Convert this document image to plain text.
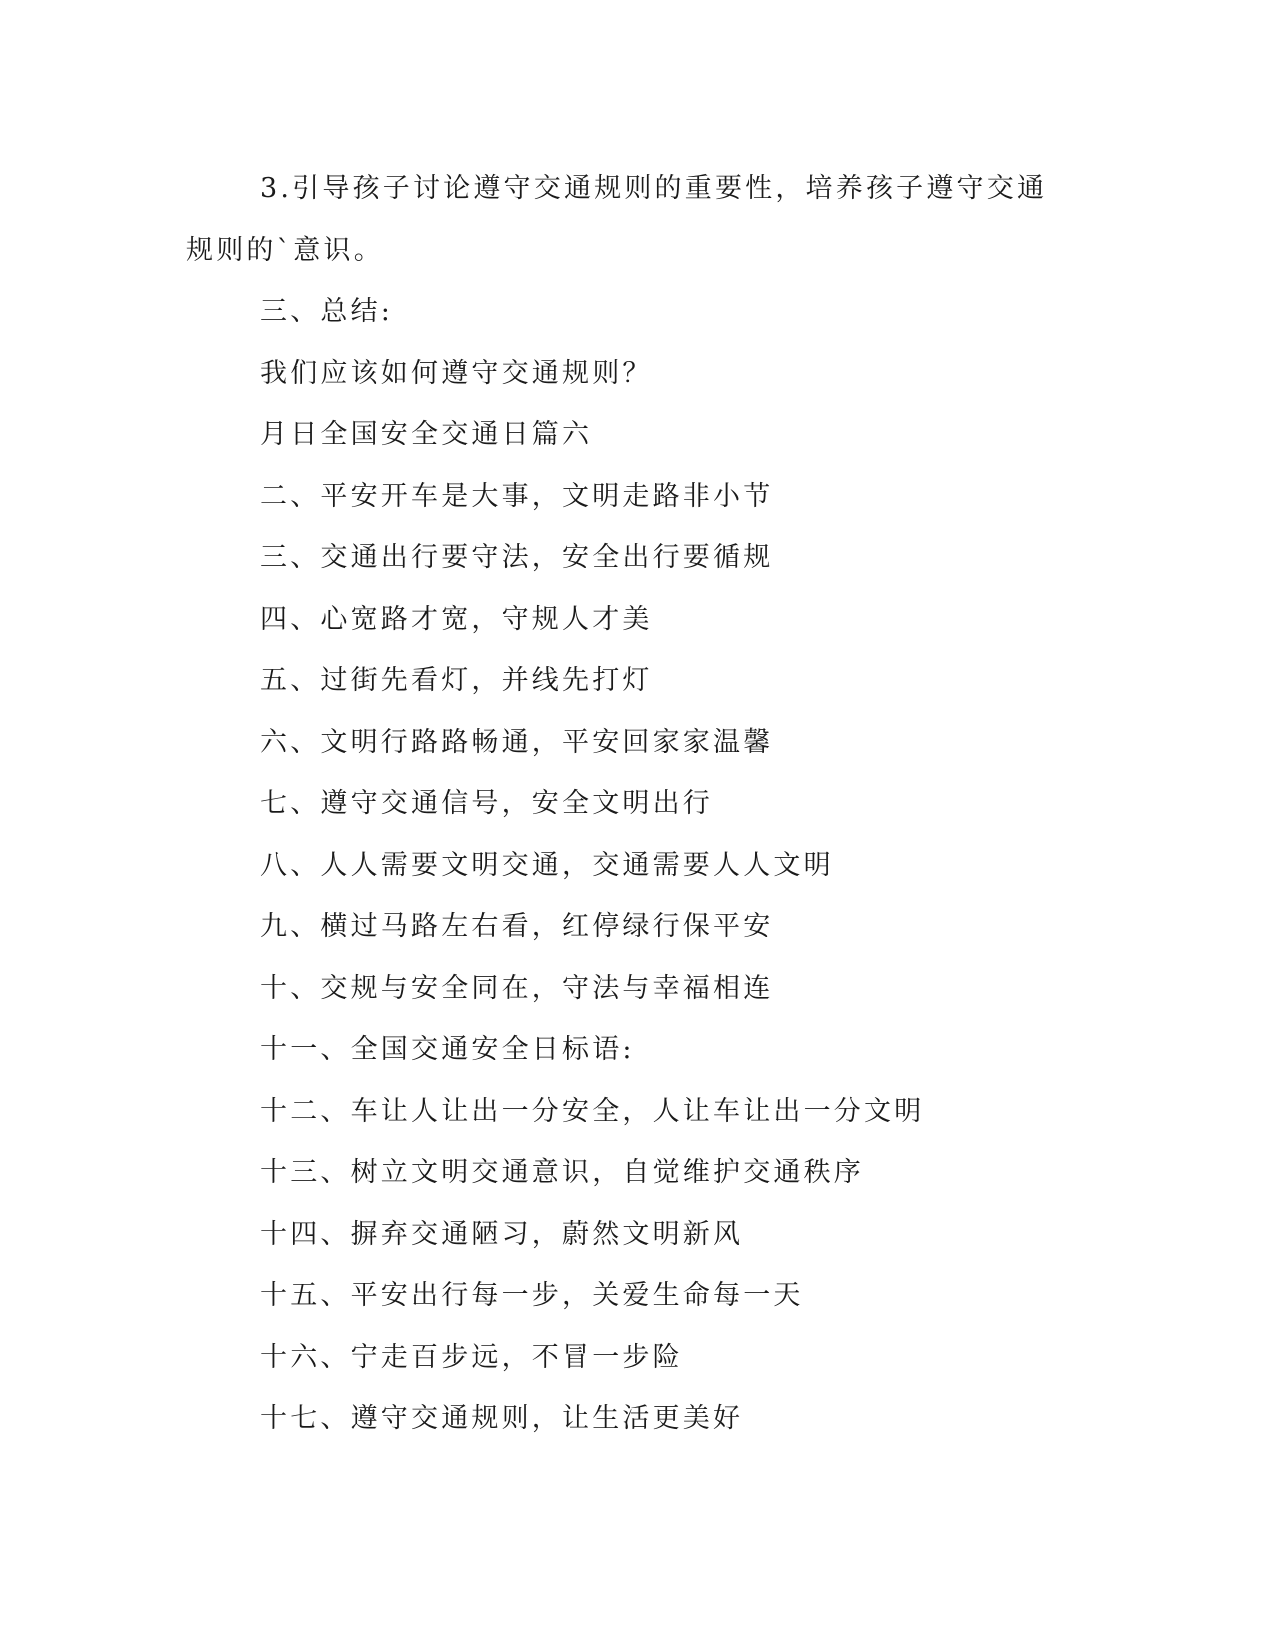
3.引导孩子讨论遵守交通规则的重要性，培养孩子遵守交通规则的`意识。

三、总结:

我们应该如何遵守交通规则？

月日全国安全交通日篇六

二、平安开车是大事，文明走路非小节

三、交通出行要守法，安全出行要循规

四、心宽路才宽，守规人才美

五、过街先看灯，并线先打灯

六、文明行路路畅通，平安回家家温馨

七、遵守交通信号，安全文明出行

八、人人需要文明交通，交通需要人人文明

九、横过马路左右看，红停绿行保平安

十、交规与安全同在，守法与幸福相连

十一、全国交通安全日标语:

十二、车让人让出一分安全，人让车让出一分文明

十三、树立文明交通意识，自觉维护交通秩序

十四、摒弃交通陋习，蔚然文明新风

十五、平安出行每一步，关爱生命每一天

十六、宁走百步远，不冒一步险

十七、遵守交通规则，让生活更美好
